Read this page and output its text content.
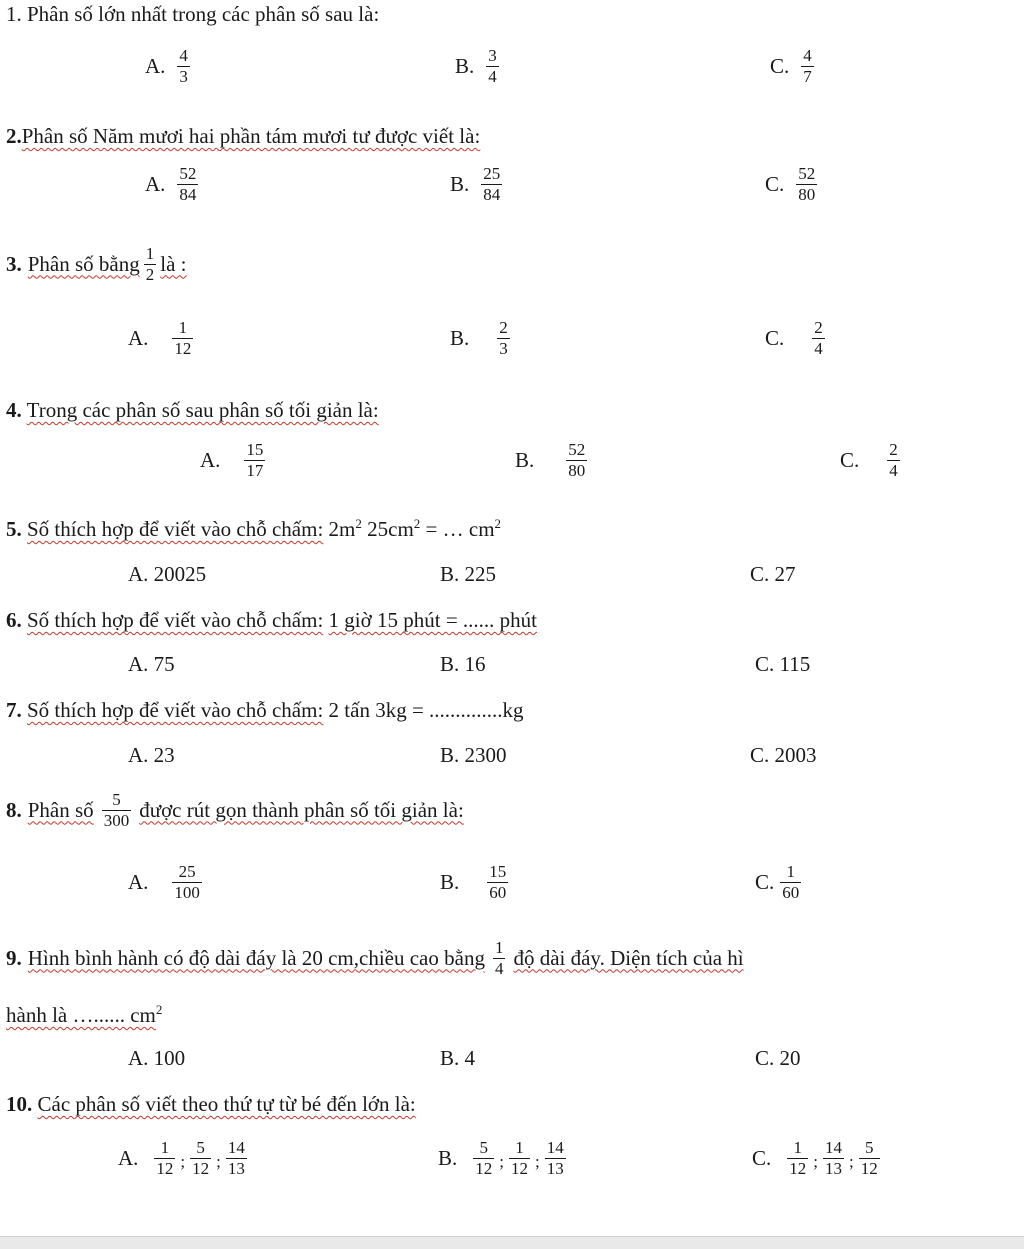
1. Phân số lớn nhất trong các phân số sau là:
A. $\frac{4}{3}$	B. $\frac{3}{4}$	C. $\frac{4}{7}$
2.Phân số Năm mươi hai phần tám mươi tư được viết là:
A. $\frac{52}{84}$	B. $\frac{25}{84}$	C. $\frac{52}{80}$
3. Phân số bằng $\frac{1}{2}$ là :
A. $\frac{1}{12}$	B. $\frac{2}{3}$	C. $\frac{2}{4}$
4. Trong các phân số sau phân số tối giản là:
A. $\frac{15}{17}$	B. $\frac{52}{80}$	C. $\frac{2}{4}$
5. Số thích hợp để viết vào chỗ chấm: $2m^2$ $25cm^2$ = … $cm^2$
A. 20025	B. 225	C. 27
6. Số thích hợp để viết vào chỗ chấm: 1 giờ 15 phút = ...... phút
A. 75	B. 16	C. 115
7. Số thích hợp để viết vào chỗ chấm: 2 tấn 3kg = ..............kg
A. 23	B. 2300	C. 2003
8. Phân số $\frac{5}{300}$ được rút gọn thành phân số tối giản là:
A. $\frac{25}{100}$	B. $\frac{15}{60}$	C. $\frac{1}{60}$
9. Hình bình hành có độ dài đáy là 20 cm,chiều cao bằng $\frac{1}{4}$ độ dài đáy. Diện tích của hì
hành là …...... $cm^2$
A. 100	B. 4	C. 20
10. Các phân số viết theo thứ tự từ bé đến lớn là:
A. $\frac{1}{12}$ ; $\frac{5}{12}$ ; $\frac{14}{13}$	B. $\frac{5}{12}$ ; $\frac{1}{12}$ ; $\frac{14}{13}$	C. $\frac{1}{12}$ ; $\frac{14}{13}$ ; $\frac{5}{12}$
